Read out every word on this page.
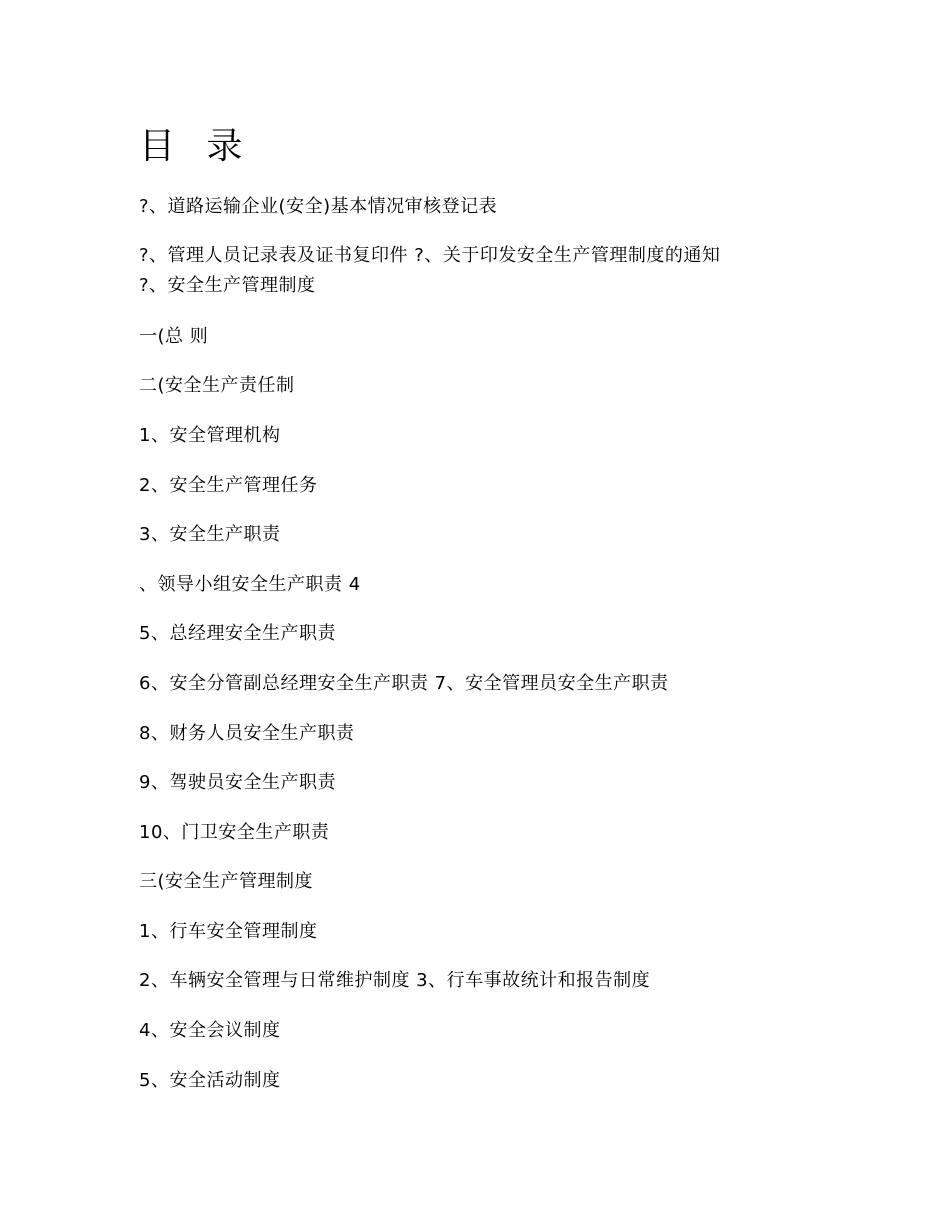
目 录
?、道路运输企业(安全)基本情况审核登记表
?、管理人员记录表及证书复印件 ?、关于印发安全生产管理制度的通知
?、安全生产管理制度
一(总 则
二(安全生产责任制
1、安全管理机构
2、安全生产管理任务
3、安全生产职责
、领导小组安全生产职责 4
5、总经理安全生产职责
6、安全分管副总经理安全生产职责 7、安全管理员安全生产职责
8、财务人员安全生产职责
9、驾驶员安全生产职责
10、门卫安全生产职责
三(安全生产管理制度
1、行车安全管理制度
2、车辆安全管理与日常维护制度 3、行车事故统计和报告制度
4、安全会议制度
5、安全活动制度
